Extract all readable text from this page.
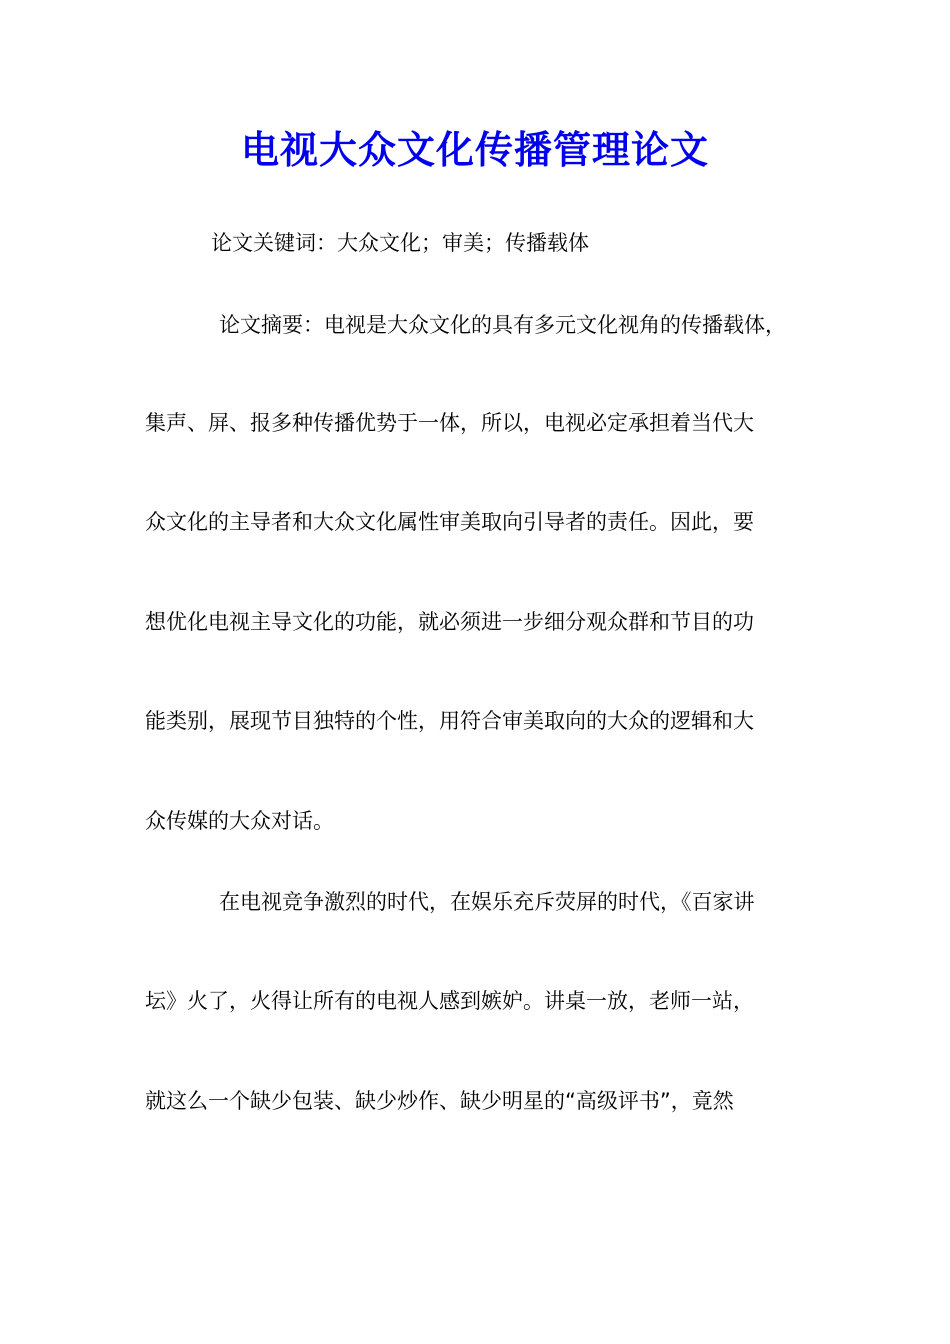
电视大众文化传播管理论文
论文关键词：大众文化；审美；传播载体
论文摘要：电视是大众文化的具有多元文化视角的传播载体，
集声、屏、报多种传播优势于一体，所以，电视必定承担着当代大
众文化的主导者和大众文化属性审美取向引导者的责任。因此，要
想优化电视主导文化的功能，就必须进一步细分观众群和节目的功
能类别，展现节目独特的个性，用符合审美取向的大众的逻辑和大
众传媒的大众对话。
在电视竞争激烈的时代，在娱乐充斥荧屏的时代，《百家讲
坛》火了，火得让所有的电视人感到嫉妒。讲桌一放，老师一站，
就这么一个缺少包装、缺少炒作、缺少明星的“高级评书”，竟然
